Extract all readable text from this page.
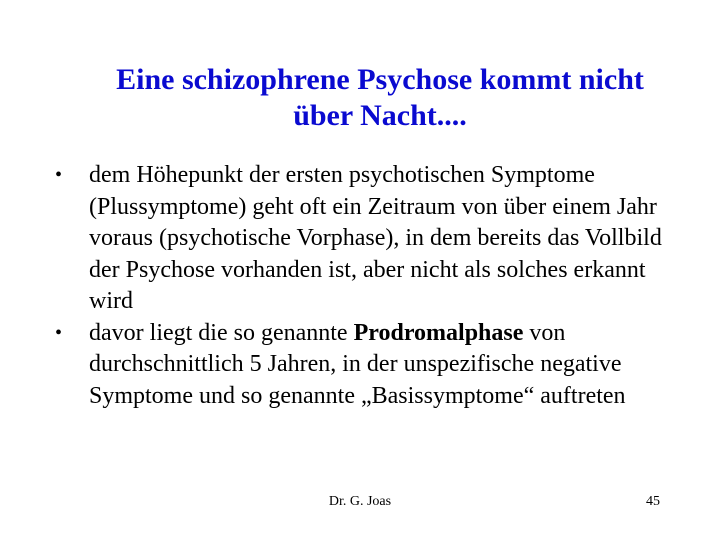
Eine schizophrene Psychose kommt nicht
über Nacht....
• dem Höhepunkt der ersten psychotischen Symptome (Plussymptome) geht oft ein Zeitraum von über einem Jahr voraus (psychotische Vorphase), in dem bereits das Vollbild der Psychose vorhanden ist, aber nicht als solches erkannt wird
• davor liegt die so genannte Prodromalphase von durchschnittlich 5 Jahren, in der unspezifische negative Symptome und so genannte „Basissymptome“ auftreten
Dr. G. Joas	45
